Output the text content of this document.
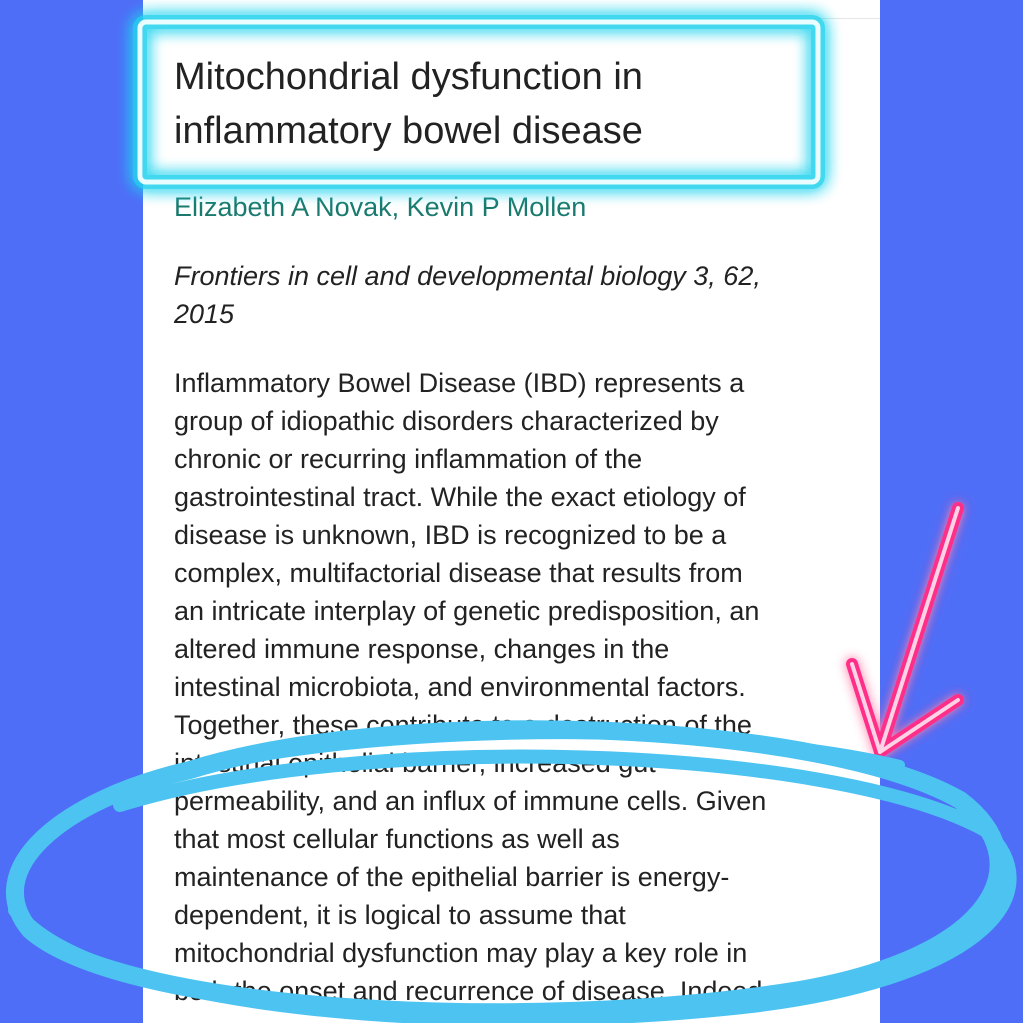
Mitochondrial dysfunction in
inflammatory bowel disease
Elizabeth A Novak, Kevin P Mollen
Frontiers in cell and developmental biology 3, 62,
2015
Inflammatory Bowel Disease (IBD) represents a
group of idiopathic disorders characterized by
chronic or recurring inflammation of the
gastrointestinal tract. While the exact etiology of
disease is unknown, IBD is recognized to be a
complex, multifactorial disease that results from
an intricate interplay of genetic predisposition, an
altered immune response, changes in the
intestinal microbiota, and environmental factors.
Together, these contribute to a destruction of the
intestinal epithelial barrier, increased gut
permeability, and an influx of immune cells. Given
that most cellular functions as well as
maintenance of the epithelial barrier is energy-
dependent, it is logical to assume that
mitochondrial dysfunction may play a key role in
both the onset and recurrence of disease. Indeed
